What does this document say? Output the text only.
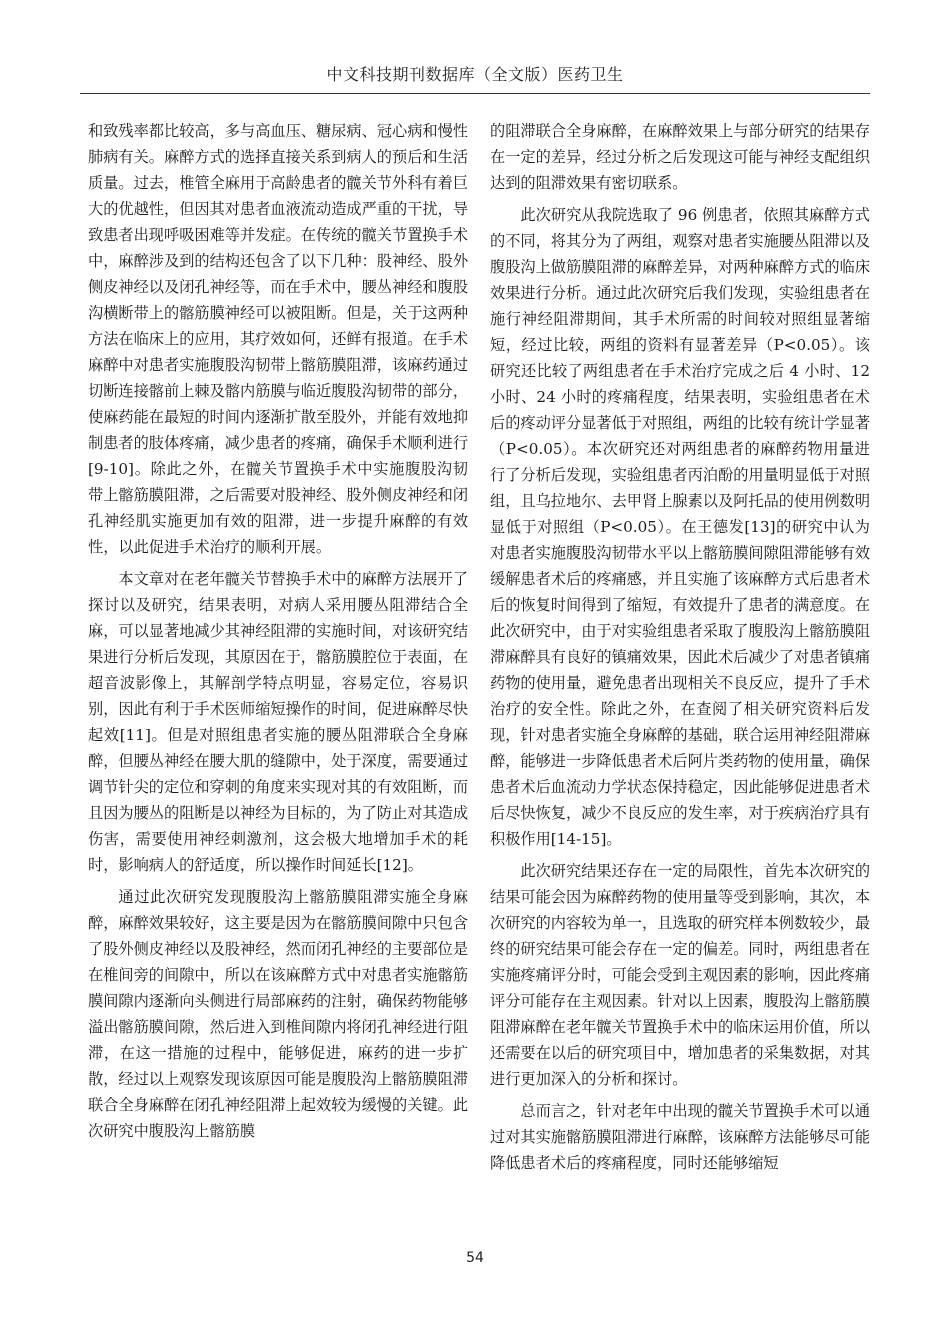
中文科技期刊数据库（全文版）医药卫生

和致残率都比较高，多与高血压、糖尿病、冠心病和慢性肺病有关。麻醉方式的选择直接关系到病人的预后和生活质量。过去，椎管全麻用于高龄患者的髋关节外科有着巨大的优越性，但因其对患者血液流动造成严重的干扰，导致患者出现呼吸困难等并发症。在传统的髋关节置换手术中，麻醉涉及到的结构还包含了以下几种：股神经、股外侧皮神经以及闭孔神经等，而在手术中，腰丛神经和腹股沟横断带上的髂筋膜神经可以被阻断。但是，关于这两种方法在临床上的应用，其疗效如何，还鲜有报道。在手术麻醉中对患者实施腹股沟韧带上髂筋膜阻滞，该麻药通过切断连接髂前上棘及髂内筋膜与临近腹股沟韧带的部分，使麻药能在最短的时间内逐渐扩散至股外，并能有效地抑制患者的肢体疼痛，减少患者的疼痛，确保手术顺利进行[9-10]。除此之外，在髋关节置换手术中实施腹股沟韧带上髂筋膜阻滞，之后需要对股神经、股外侧皮神经和闭孔神经肌实施更加有效的阻滞，进一步提升麻醉的有效性，以此促进手术治疗的顺利开展。

本文章对在老年髋关节替换手术中的麻醉方法展开了探讨以及研究，结果表明，对病人采用腰丛阻滞结合全麻，可以显著地减少其神经阻滞的实施时间，对该研究结果进行分析后发现，其原因在于，髂筋膜腔位于表面，在超音波影像上，其解剖学特点明显，容易定位，容易识别，因此有利于手术医师缩短操作的时间，促进麻醉尽快起效[11]。但是对照组患者实施的腰丛阻滞联合全身麻醉，但腰丛神经在腰大肌的缝隙中，处于深度，需要通过调节针尖的定位和穿刺的角度来实现对其的有效阻断，而且因为腰丛的阻断是以神经为目标的，为了防止对其造成伤害，需要使用神经刺激剂，这会极大地增加手术的耗时，影响病人的舒适度，所以操作时间延长[12]。

通过此次研究发现腹股沟上髂筋膜阻滞实施全身麻醉，麻醉效果较好，这主要是因为在髂筋膜间隙中只包含了股外侧皮神经以及股神经，然而闭孔神经的主要部位是在椎间旁的间隙中，所以在该麻醉方式中对患者实施髂筋膜间隙内逐渐向头侧进行局部麻药的注射，确保药物能够溢出髂筋膜间隙，然后进入到椎间隙内将闭孔神经进行阻滞，在这一措施的过程中，能够促进，麻药的进一步扩散，经过以上观察发现该原因可能是腹股沟上髂筋膜阻滞联合全身麻醉在闭孔神经阻滞上起效较为缓慢的关键。此次研究中腹股沟上髂筋膜

的阻滞联合全身麻醉，在麻醉效果上与部分研究的结果存在一定的差异，经过分析之后发现这可能与神经支配组织达到的阻滞效果有密切联系。

此次研究从我院选取了 96 例患者，依照其麻醉方式的不同，将其分为了两组，观察对患者实施腰丛阻滞以及腹股沟上做筋膜阻滞的麻醉差异，对两种麻醉方式的临床效果进行分析。通过此次研究后我们发现，实验组患者在施行神经阻滞期间，其手术所需的时间较对照组显著缩短，经过比较，两组的资料有显著差异（P<0.05）。该研究还比较了两组患者在手术治疗完成之后 4 小时、12 小时、24 小时的疼痛程度，结果表明，实验组患者在术后的疼动评分显著低于对照组，两组的比较有统计学显著（P<0.05）。本次研究还对两组患者的麻醉药物用量进行了分析后发现，实验组患者丙泊酚的用量明显低于对照组，且乌拉地尔、去甲肾上腺素以及阿托品的使用例数明显低于对照组（P<0.05）。在王德发[13]的研究中认为对患者实施腹股沟韧带水平以上髂筋膜间隙阻滞能够有效缓解患者术后的疼痛感，并且实施了该麻醉方式后患者术后的恢复时间得到了缩短，有效提升了患者的满意度。在此次研究中，由于对实验组患者采取了腹股沟上髂筋膜阻滞麻醉具有良好的镇痛效果，因此术后减少了对患者镇痛药物的使用量，避免患者出现相关不良反应，提升了手术治疗的安全性。除此之外，在查阅了相关研究资料后发现，针对患者实施全身麻醉的基础，联合运用神经阻滞麻醉，能够进一步降低患者术后阿片类药物的使用量，确保患者术后血流动力学状态保持稳定，因此能够促进患者术后尽快恢复，减少不良反应的发生率，对于疾病治疗具有积极作用[14-15]。

此次研究结果还存在一定的局限性，首先本次研究的结果可能会因为麻醉药物的使用量等受到影响，其次，本次研究的内容较为单一，且选取的研究样本例数较少，最终的研究结果可能会存在一定的偏差。同时，两组患者在实施疼痛评分时，可能会受到主观因素的影响，因此疼痛评分可能存在主观因素。针对以上因素，腹股沟上髂筋膜阻滞麻醉在老年髋关节置换手术中的临床运用价值，所以还需要在以后的研究项目中，增加患者的采集数据，对其进行更加深入的分析和探讨。

总而言之，针对老年中出现的髋关节置换手术可以通过对其实施髂筋膜阻滞进行麻醉，该麻醉方法能够尽可能降低患者术后的疼痛程度，同时还能够缩短

54
